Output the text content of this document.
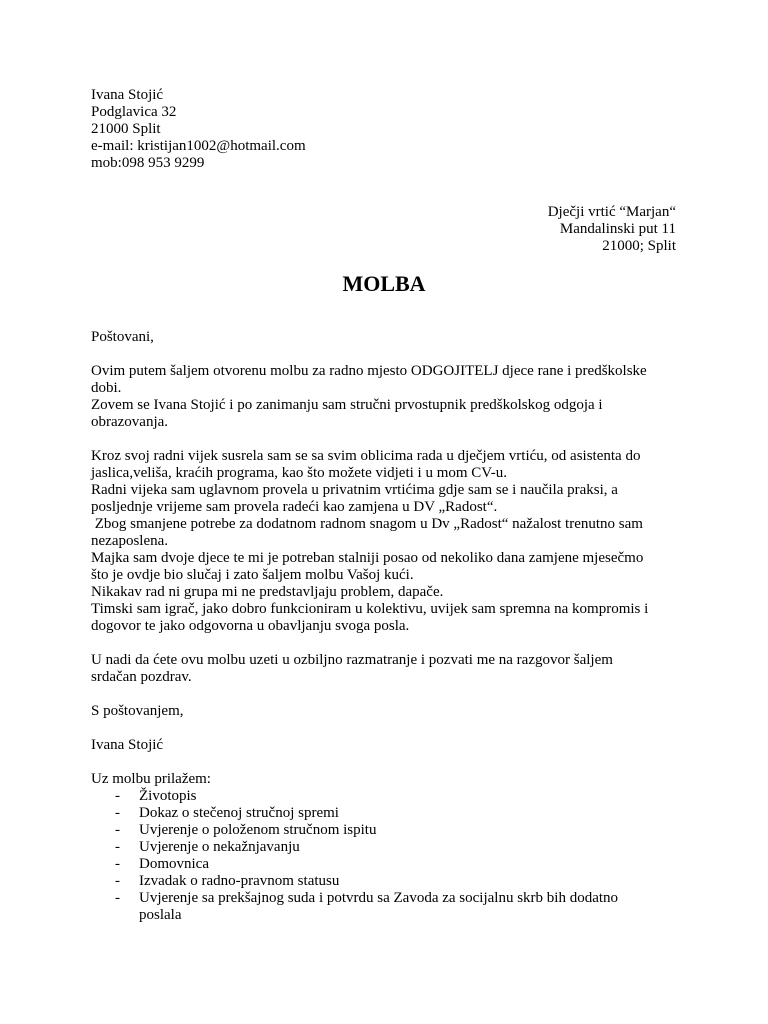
Ivana Stojić
Podglavica 32
21000 Split
e-mail: kristijan1002@hotmail.com
mob:098 953 9299
Dječji vrtić “Marjan“
Mandalinski put 11
21000; Split
MOLBA
Poštovani,
Ovim putem šaljem otvorenu molbu za radno mjesto ODGOJITELJ djece rane i predškolske
dobi.
Zovem se Ivana Stojić i po zanimanju sam stručni prvostupnik predškolskog odgoja i
obrazovanja.
Kroz svoj radni vijek susrela sam se sa svim oblicima rada u dječjem vrtiću, od asistenta do
jaslica,veliša, kraćih programa, kao što možete vidjeti i u mom CV-u.
Radni vijeka sam uglavnom provela u privatnim vrtićima gdje sam se i naučila praksi, a
posljednje vrijeme sam provela radeći kao zamjena u DV „Radost“.
Zbog smanjene potrebe za dodatnom radnom snagom u Dv „Radost“ nažalost trenutno sam
nezaposlena.
Majka sam dvoje djece te mi je potreban stalniji posao od nekoliko dana zamjene mjesečmo
što je ovdje bio slučaj i zato šaljem molbu Vašoj kući.
Nikakav rad ni grupa mi ne predstavljaju problem, dapače.
Timski sam igrač, jako dobro funkcioniram u kolektivu, uvijek sam spremna na kompromis i
dogovor te jako odgovorna u obavljanju svoga posla.
U nadi da ćete ovu molbu uzeti u ozbiljno razmatranje i pozvati me na razgovor šaljem
srdačan pozdrav.
S poštovanjem,
Ivana Stojić
Uz molbu prilažem:
- Životopis
- Dokaz o stečenoj stručnoj spremi
- Uvjerenje o položenom stručnom ispitu
- Uvjerenje o nekažnjavanju
- Domovnica
- Izvadak o radno-pravnom statusu
- Uvjerenje sa prekšajnog suda i potvrdu sa Zavoda za socijalnu skrb bih dodatno
poslala
